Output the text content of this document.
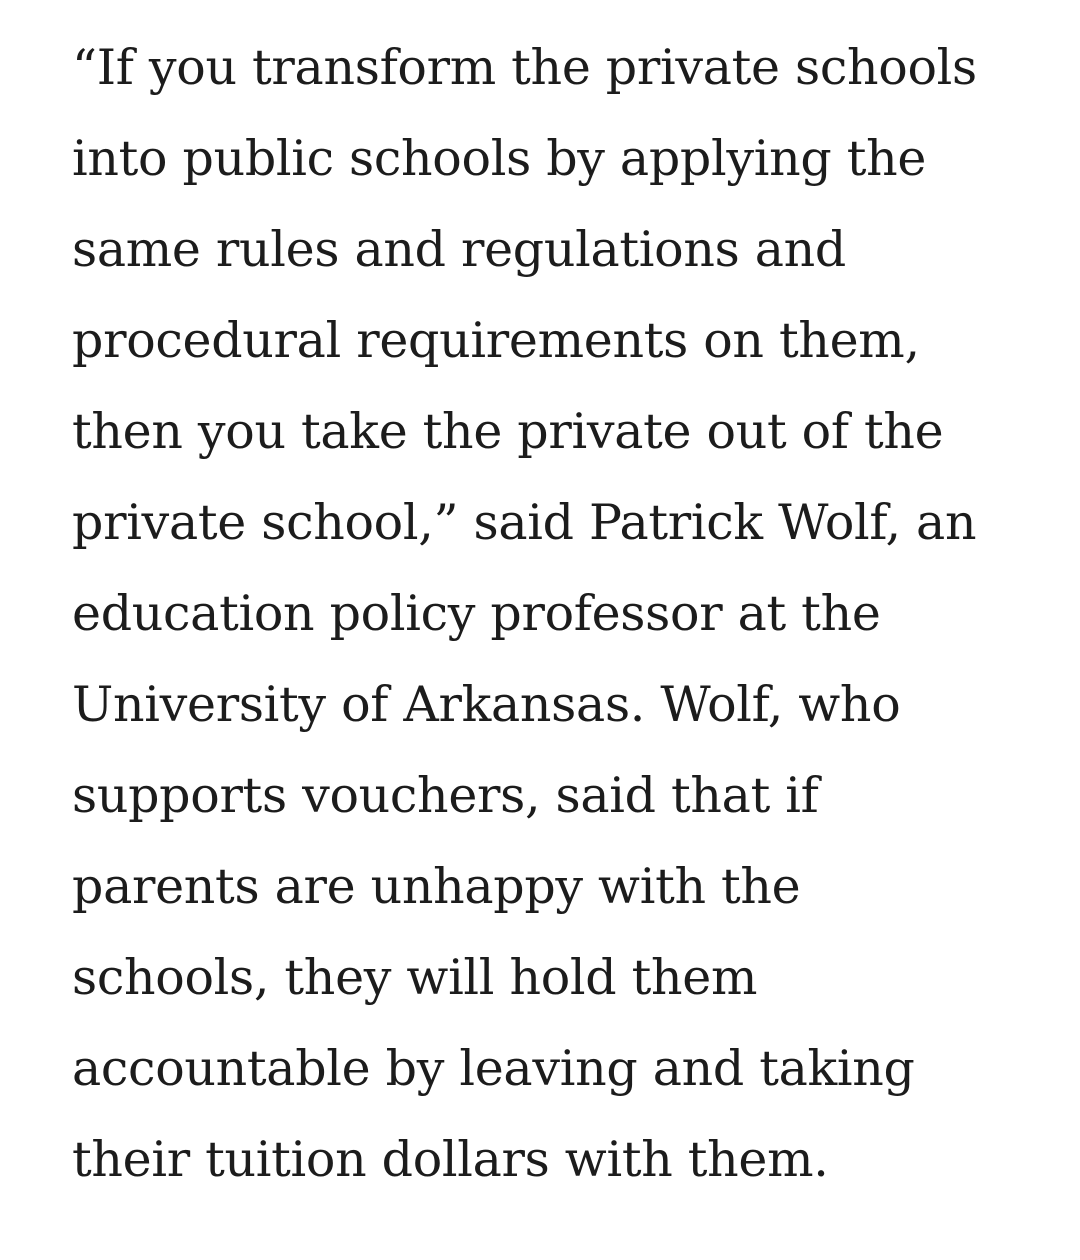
“If you transform the private schools
into public schools by applying the
same rules and regulations and
procedural requirements on them,
then you take the private out of the
private school,” said Patrick Wolf, an
education policy professor at the
University of Arkansas. Wolf, who
supports vouchers, said that if
parents are unhappy with the
schools, they will hold them
accountable by leaving and taking
their tuition dollars with them.
